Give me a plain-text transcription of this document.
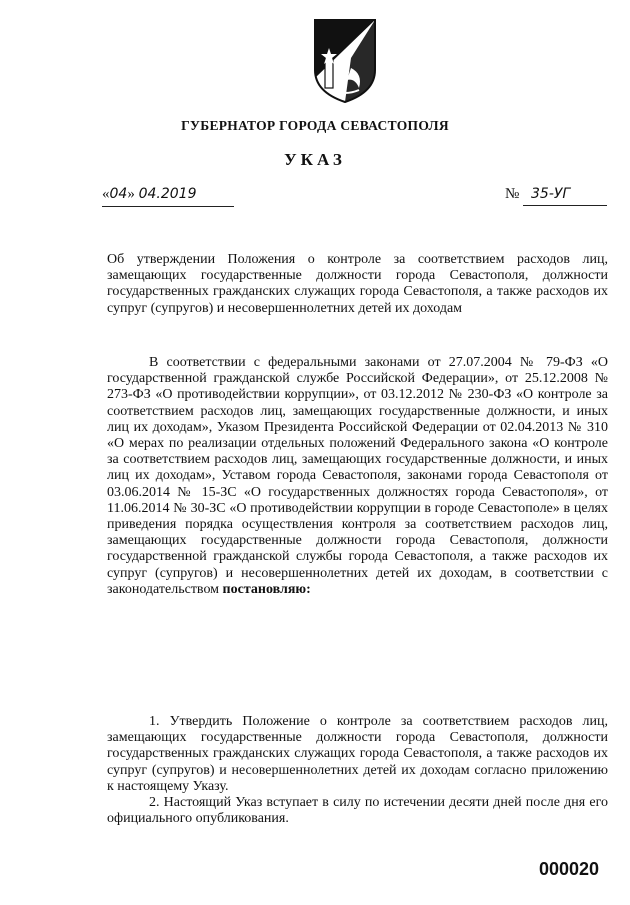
ГУБЕРНАТОР ГОРОДА СЕВАСТОПОЛЯ
УКАЗ
«04» 04.2019	№ 35-УГ

Об утверждении Положения о контроле за соответствием расходов лиц, замещающих государственные должности города Севастополя, должности государственных гражданских служащих города Севастополя, а также расходов их супруг (супругов) и несовершеннолетних детей их доходам

В соответствии с федеральными законами от 27.07.2004 № 79-ФЗ «О государственной гражданской службе Российской Федерации», от 25.12.2008 № 273-ФЗ «О противодействии коррупции», от 03.12.2012 № 230-ФЗ «О контроле за соответствием расходов лиц, замещающих государственные должности, и иных лиц их доходам», Указом Президента Российской Федерации от 02.04.2013 № 310 «О мерах по реализации отдельных положений Федерального закона «О контроле за соответствием расходов лиц, замещающих государственные должности, и иных лиц их доходам», Уставом города Севастополя, законами города Севастополя от 03.06.2014 № 15-ЗС «О государственных должностях города Севастополя», от 11.06.2014 № 30-ЗС «О противодействии коррупции в городе Севастополе» в целях приведения порядка осуществления контроля за соответствием расходов лиц, замещающих государственные должности города Севастополя, должности государственной гражданской службы города Севастополя, а также расходов их супруг (супругов) и несовершеннолетних детей их доходам, в соответствии с законодательством постановляю:

1. Утвердить Положение о контроле за соответствием расходов лиц, замещающих государственные должности города Севастополя, должности государственных гражданских служащих города Севастополя, а также расходов их супруг (супругов) и несовершеннолетних детей их доходам согласно приложению к настоящему Указу.

2. Настоящий Указ вступает в силу по истечении десяти дней после дня его официального опубликования.

000020
